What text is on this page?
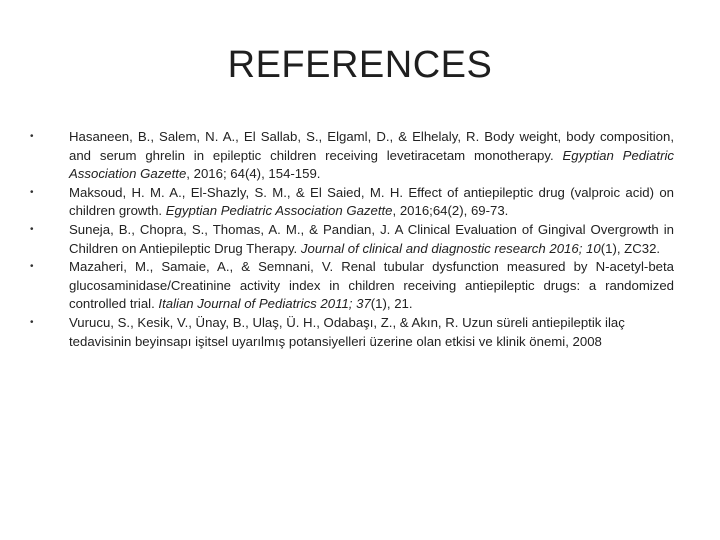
REFERENCES
•	Hasaneen, B., Salem, N. A., El Sallab, S., Elgaml, D., & Elhelaly, R. Body weight, body composition, and serum ghrelin in epileptic children receiving levetiracetam monotherapy. Egyptian Pediatric Association Gazette, 2016; 64(4), 154-159.
•	Maksoud, H. M. A., El-Shazly, S. M., & El Saied, M. H. Effect of antiepileptic drug (valproic acid) on children growth. Egyptian Pediatric Association Gazette, 2016;64(2), 69-73.
•	Suneja, B., Chopra, S., Thomas, A. M., & Pandian, J. A Clinical Evaluation of Gingival Overgrowth in Children on Antiepileptic Drug Therapy. Journal of clinical and diagnostic research 2016; 10(1), ZC32.
•	Mazaheri, M., Samaie, A., & Semnani, V. Renal tubular dysfunction measured by N-acetyl-beta glucosaminidase/Creatinine activity index in children receiving antiepileptic drugs: a randomized controlled trial. Italian Journal of Pediatrics 2011; 37(1), 21.
•	Vurucu, S., Kesik, V., Ünay, B., Ulaş, Ü. H., Odabaşı, Z., & Akın, R. Uzun süreli antiepileptik ilaç tedavisinin beyinsapı işitsel uyarılmış potansiyelleri üzerine olan etkisi ve klinik önemi, 2008
